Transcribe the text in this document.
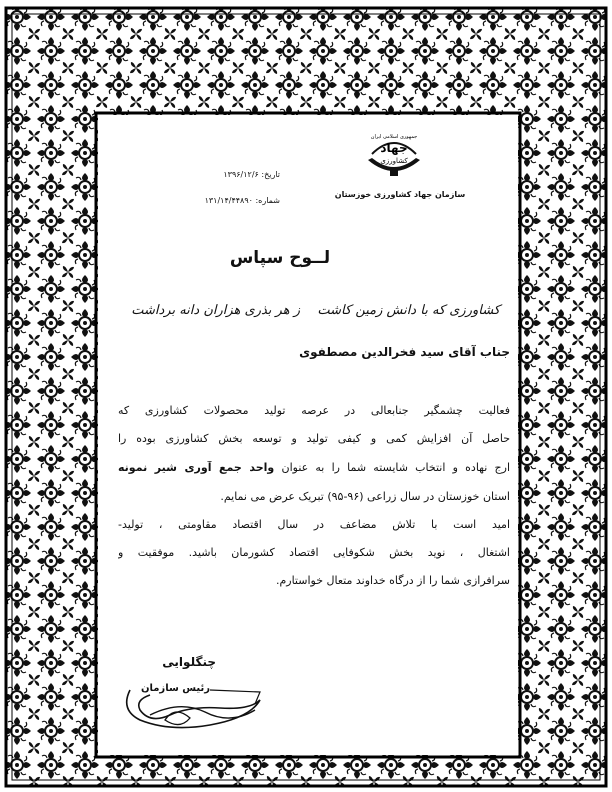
جمهوری اسلامی ایران
جهاد
کشاورزی
سازمان جهاد کشاورزی خوزستان
تاریخ: ۱۳۹۶/۱۲/۶
شماره: ۱۳۱/۱۴/۴۴۸۹۰
لــوح سپاس
کشاورزی که با دانش زمین کاشت
ز هر بذری هزاران دانه برداشت
جناب آقای سید فخرالدین مصطفوی
فعالیت چشمگیر جنابعالی در عرصه تولید محصولات کشاورزی که
حاصل آن افزایش کمی و کیفی تولید و توسعه بخش کشاورزی بوده را
ارج نهاده و انتخاب شایسته شما را به عنوان واحد جمع آوری شیر نمونه
استان خوزستان در سال زراعی (۹۶-۹۵) تبریک عرض می نمایم.
امید است با تلاش مضاعف در سال اقتصاد مقاومتی ، تولید-
اشتغال ، نوید بخش شکوفایی اقتصاد کشورمان باشید. موفقیت و
سرافرازی شما را از درگاه خداوند متعال خواستارم.
چنگلوایی
رئیس سازمان
